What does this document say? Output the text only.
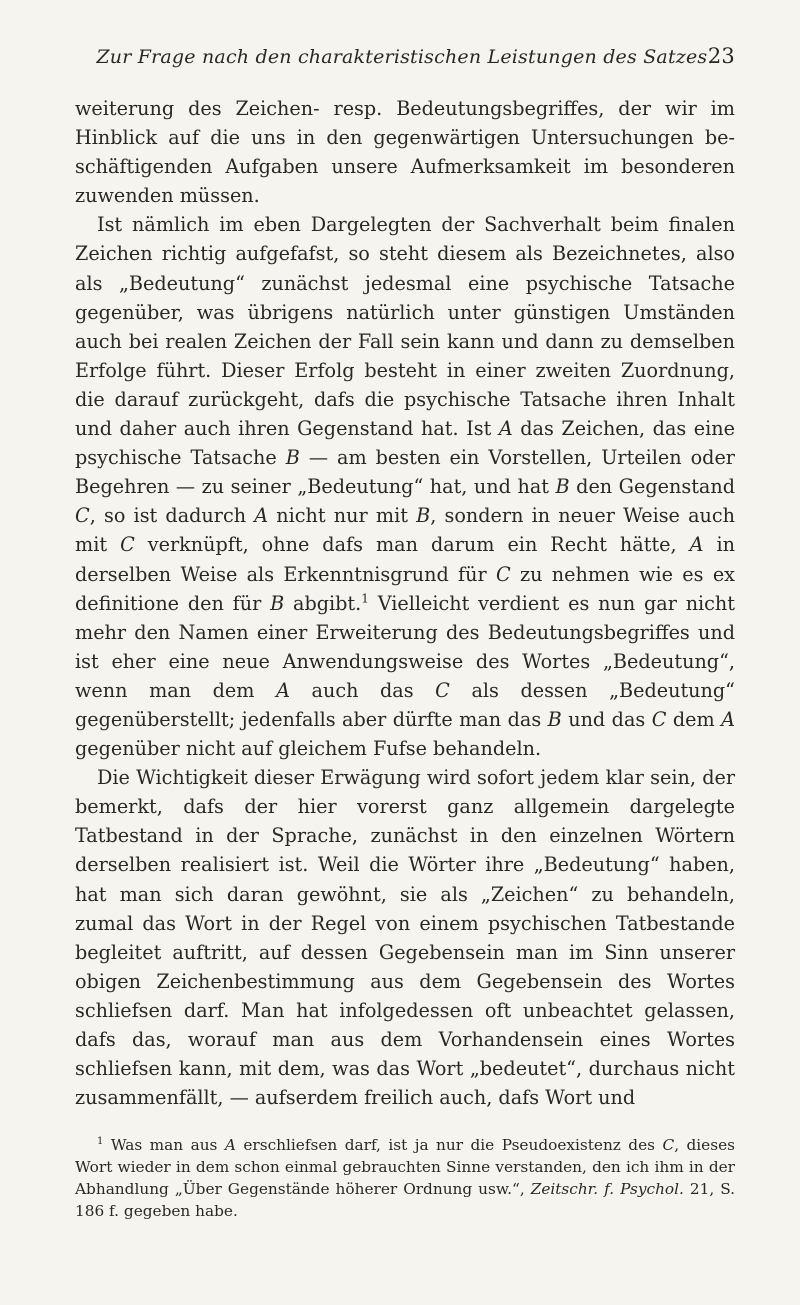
Zur Frage nach den charakteristischen Leistungen des Satzes.
23

weiterung des Zeichen- resp. Bedeutungsbegriffes, der wir im Hinblick auf die uns in den gegenwärtigen Untersuchungen beschäftigenden Aufgaben unsere Aufmerksamkeit im besonderen zuwenden müssen.

Ist nämlich im eben Dargelegten der Sachverhalt beim finalen Zeichen richtig aufgefafst, so steht diesem als Bezeichnetes, also als „Bedeutung“ zunächst jedesmal eine psychische Tatsache gegenüber, was übrigens natürlich unter günstigen Umständen auch bei realen Zeichen der Fall sein kann und dann zu demselben Erfolge führt. Dieser Erfolg besteht in einer zweiten Zuordnung, die darauf zurückgeht, dafs die psychische Tatsache ihren Inhalt und daher auch ihren Gegenstand hat. Ist A das Zeichen, das eine psychische Tatsache B — am besten ein Vorstellen, Urteilen oder Begehren — zu seiner „Bedeutung“ hat, und hat B den Gegenstand C, so ist dadurch A nicht nur mit B, sondern in neuer Weise auch mit C verknüpft, ohne dafs man darum ein Recht hätte, A in derselben Weise als Erkenntnisgrund für C zu nehmen wie es ex definitione den für B abgibt.$^1$ Vielleicht verdient es nun gar nicht mehr den Namen einer Erweiterung des Bedeutungsbegriffes und ist eher eine neue Anwendungsweise des Wortes „Bedeutung“, wenn man dem A auch das C als dessen „Bedeutung“ gegenüberstellt; jedenfalls aber dürfte man das B und das C dem A gegenüber nicht auf gleichem Fufse behandeln.

Die Wichtigkeit dieser Erwägung wird sofort jedem klar sein, der bemerkt, dafs der hier vorerst ganz allgemein dargelegte Tatbestand in der Sprache, zunächst in den einzelnen Wörtern derselben realisiert ist. Weil die Wörter ihre „Bedeutung“ haben, hat man sich daran gewöhnt, sie als „Zeichen“ zu behandeln, zumal das Wort in der Regel von einem psychischen Tatbestande begleitet auftritt, auf dessen Gegebensein man im Sinn unserer obigen Zeichenbestimmung aus dem Gegebensein des Wortes schliefsen darf. Man hat infolgedessen oft unbeachtet gelassen, dafs das, worauf man aus dem Vorhandensein eines Wortes schliefsen kann, mit dem, was das Wort „bedeutet“, durchaus nicht zusammenfällt, — aufserdem freilich auch, dafs Wort und

$^1$ Was man aus A erschliefsen darf, ist ja nur die Pseudoexistenz des C, dieses Wort wieder in dem schon einmal gebrauchten Sinne verstanden, den ich ihm in der Abhandlung „Über Gegenstände höherer Ordnung usw.“, Zeitschr. f. Psychol. 21, S. 186 f. gegeben habe.
